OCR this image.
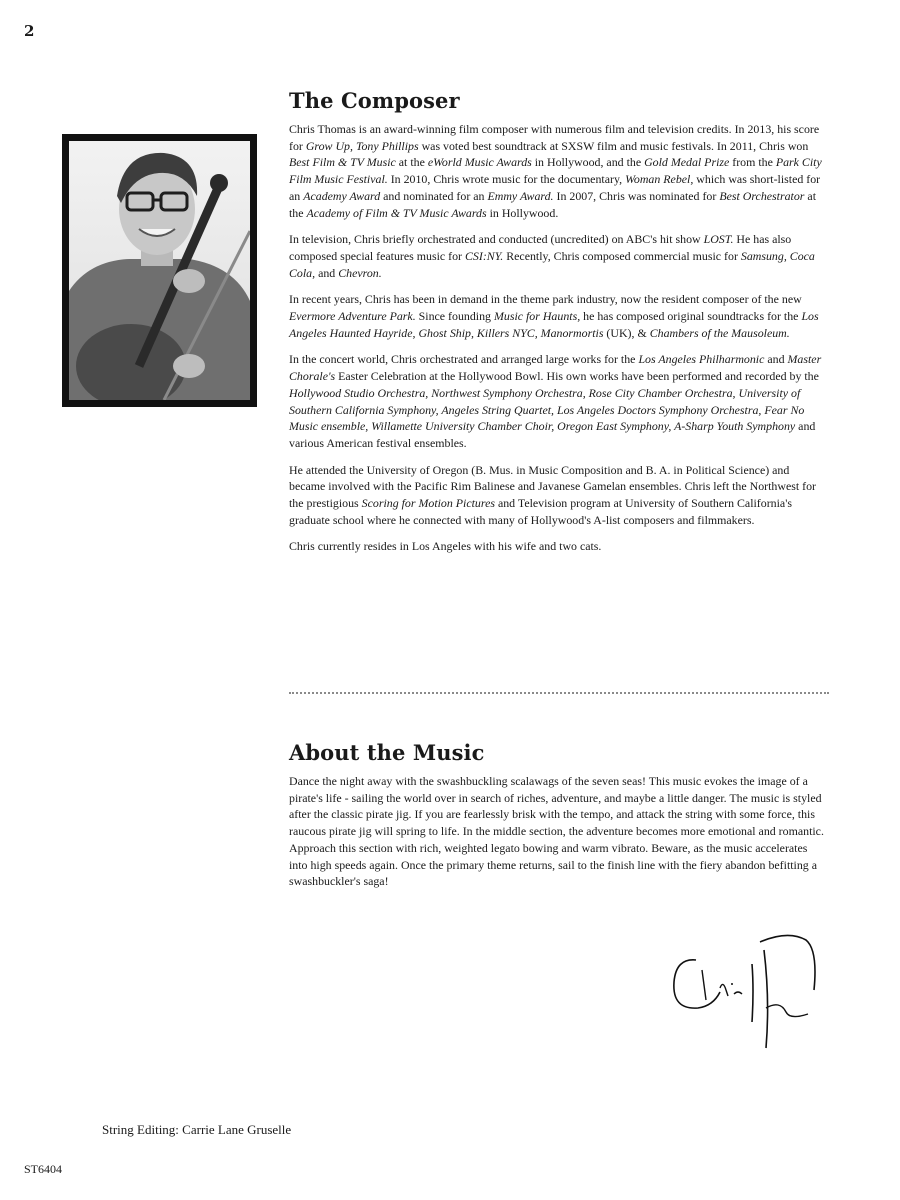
2
The Composer

Chris Thomas is an award-winning film composer with numerous film and television credits. In 2013, his score for Grow Up, Tony Phillips was voted best soundtrack at SXSW film and music festivals. In 2011, Chris won Best Film & TV Music at the eWorld Music Awards in Hollywood, and the Gold Medal Prize from the Park City Film Music Festival. In 2010, Chris wrote music for the documentary, Woman Rebel, which was short-listed for an Academy Award and nominated for an Emmy Award. In 2007, Chris was nominated for Best Orchestrator at the Academy of Film & TV Music Awards in Hollywood.

In television, Chris briefly orchestrated and conducted (uncredited) on ABC's hit show LOST. He has also composed special features music for CSI:NY. Recently, Chris composed commercial music for Samsung, Coca Cola, and Chevron.

In recent years, Chris has been in demand in the theme park industry, now the resident composer of the new Evermore Adventure Park. Since founding Music for Haunts, he has composed original soundtracks for the Los Angeles Haunted Hayride, Ghost Ship, Killers NYC, Manormortis (UK), & Chambers of the Mausoleum.

In the concert world, Chris orchestrated and arranged large works for the Los Angeles Philharmonic and Master Chorale's Easter Celebration at the Hollywood Bowl. His own works have been performed and recorded by the Hollywood Studio Orchestra, Northwest Symphony Orchestra, Rose City Chamber Orchestra, University of Southern California Symphony, Angeles String Quartet, Los Angeles Doctors Symphony Orchestra, Fear No Music ensemble, Willamette University Chamber Choir, Oregon East Symphony, A-Sharp Youth Symphony and various American festival ensembles.

He attended the University of Oregon (B. Mus. in Music Composition and B. A. in Political Science) and became involved with the Pacific Rim Balinese and Javanese Gamelan ensembles. Chris left the Northwest for the prestigious Scoring for Motion Pictures and Television program at University of Southern California's graduate school where he connected with many of Hollywood's A-list composers and filmmakers.

Chris currently resides in Los Angeles with his wife and two cats.

About the Music

Dance the night away with the swashbuckling scalawags of the seven seas! This music evokes the image of a pirate's life - sailing the world over in search of riches, adventure, and maybe a little danger. The music is styled after the classic pirate jig. If you are fearlessly brisk with the tempo, and attack the string with some force, this raucous pirate jig will spring to life. In the middle section, the adventure becomes more emotional and romantic. Approach this section with rich, weighted legato bowing and warm vibrato. Beware, as the music accelerates into high speeds again. Once the primary theme returns, sail to the finish line with the fiery abandon befitting a swashbuckler's saga!

String Editing: Carrie Lane Gruselle
ST6404
